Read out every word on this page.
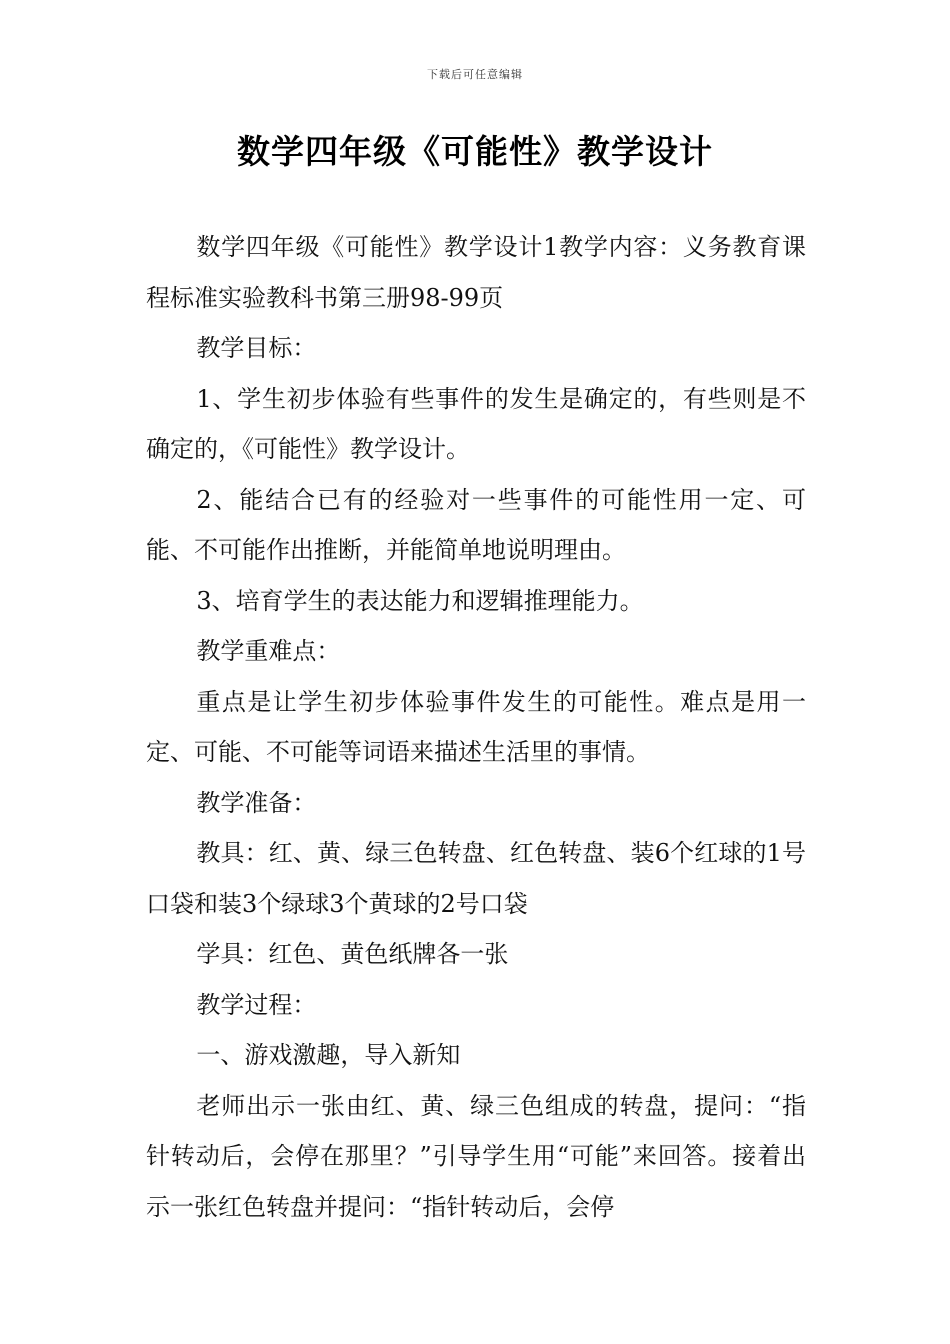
下载后可任意编辑
数学四年级《可能性》教学设计

数学四年级《可能性》教学设计1教学内容：义务教育课程标准实验教科书第三册98-99页

教学目标：

1、学生初步体验有些事件的发生是确定的，有些则是不确定的，《可能性》教学设计。

2、能结合已有的经验对一些事件的可能性用一定、可能、不可能作出推断，并能简单地说明理由。

3、培育学生的表达能力和逻辑推理能力。

教学重难点：

重点是让学生初步体验事件发生的可能性。难点是用一定、可能、不可能等词语来描述生活里的事情。

教学准备：

教具：红、黄、绿三色转盘、红色转盘、装6个红球的1号口袋和装3个绿球3个黄球的2号口袋

学具：红色、黄色纸牌各一张

教学过程：

一、游戏激趣，导入新知

老师出示一张由红、黄、绿三色组成的转盘，提问：“指针转动后，会停在那里？”引导学生用“可能”来回答。接着出示一张红色转盘并提问：“指针转动后，会停
